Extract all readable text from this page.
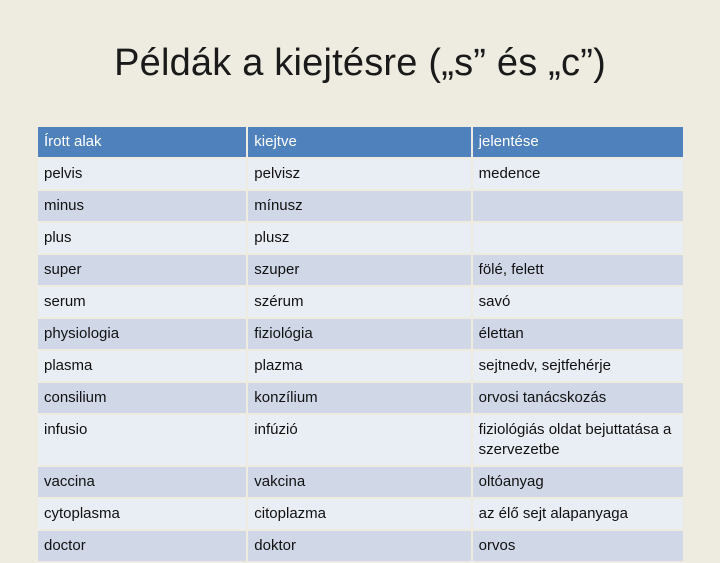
Példák a kiejtésre („s” és „c”)
Írott alak	kiejtve	jelentése
pelvis	pelvisz	medence
minus	mínusz	
plus	plusz	
super	szuper	fölé, felett
serum	szérum	savó
physiologia	fiziológia	élettan
plasma	plazma	sejtnedv, sejtfehérje
consilium	konzílium	orvosi tanácskozás
infusio	infúzió	fiziológiás oldat bejuttatása a szervezetbe
vaccina	vakcina	oltóanyag
cytoplasma	citoplazma	az élő sejt alapanyaga
doctor	doktor	orvos
